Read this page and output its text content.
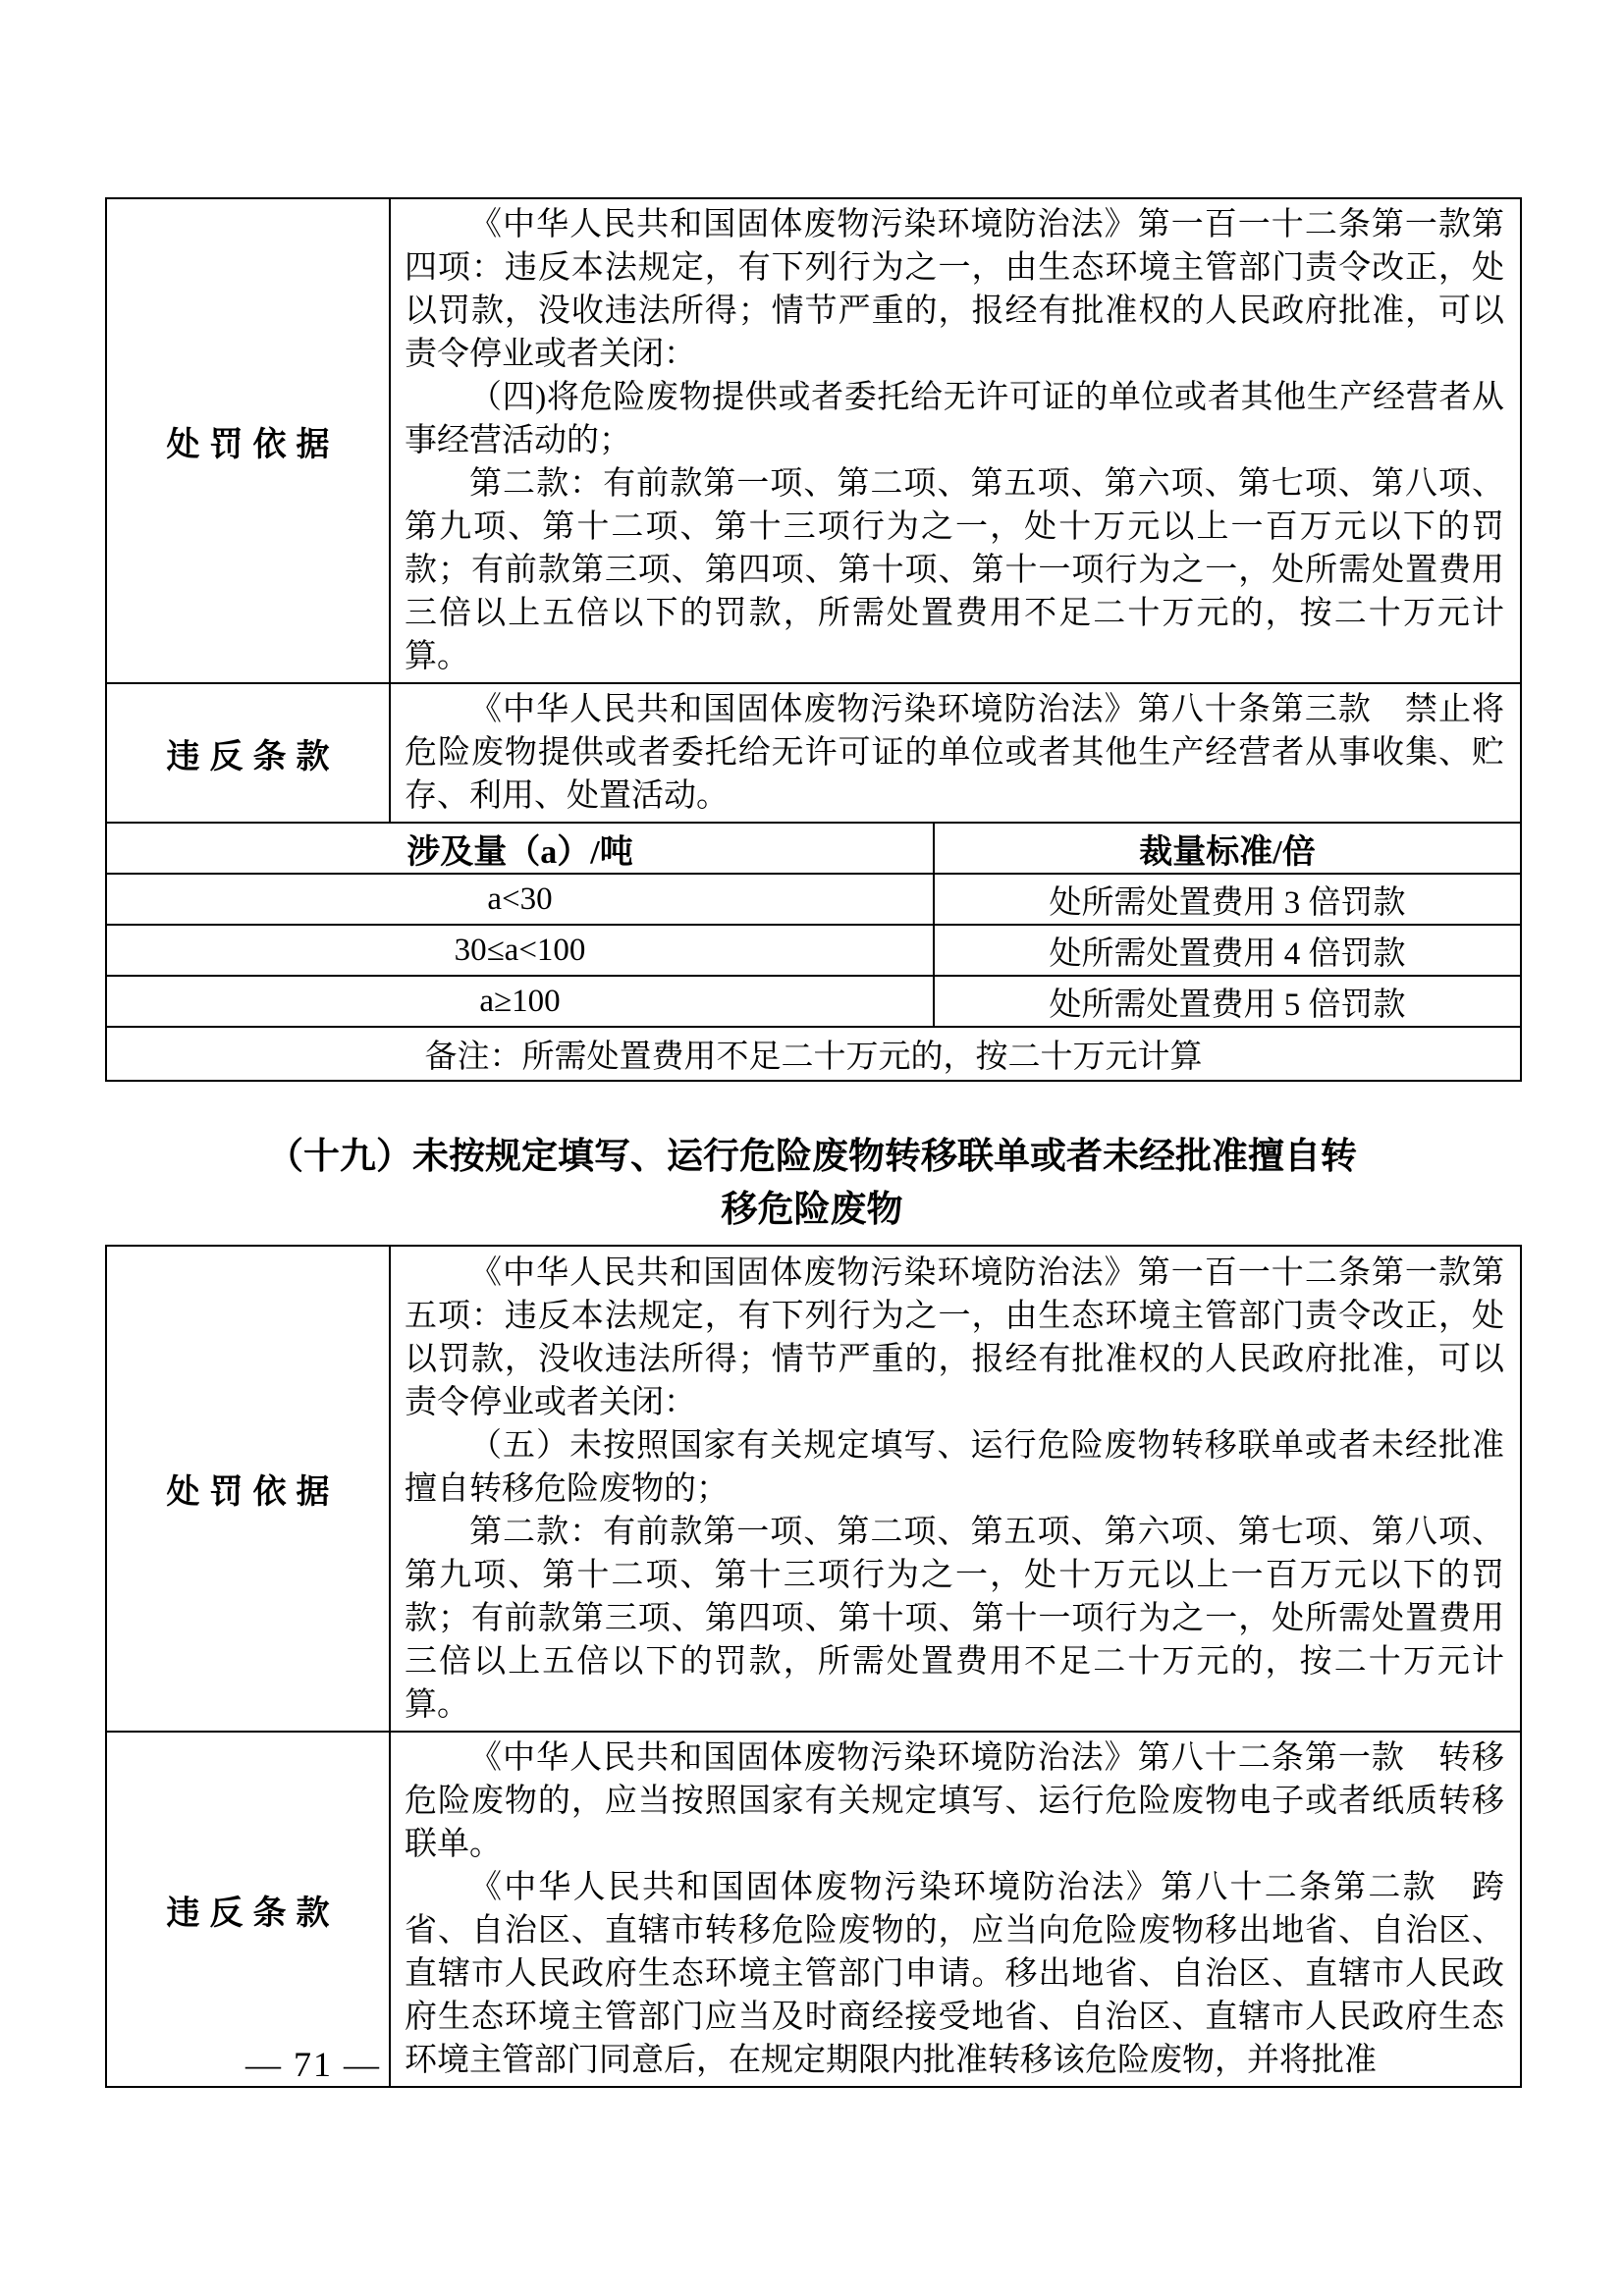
处罚依据	《中华人民共和国固体废物污染环境防治法》第一百一十二条第一款第四项：违反本法规定，有下列行为之一，由生态环境主管部门责令改正，处以罚款，没收违法所得；情节严重的，报经有批准权的人民政府批准，可以责令停业或者关闭：

（四)将危险废物提供或者委托给无许可证的单位或者其他生产经营者从事经营活动的；

第二款：有前款第一项、第二项、第五项、第六项、第七项、第八项、第九项、第十二项、第十三项行为之一，处十万元以上一百万元以下的罚款；有前款第三项、第四项、第十项、第十一项行为之一，处所需处置费用三倍以上五倍以下的罚款，所需处置费用不足二十万元的，按二十万元计算。	

违反条款	《中华人民共和国固体废物污染环境防治法》第八十条第三款　禁止将危险废物提供或者委托给无许可证的单位或者其他生产经营者从事收集、贮存、利用、处置活动。	

涉及量（a）/吨		裁量标准/倍
a<30		处所需处置费用 3 倍罚款
30≤a<100		处所需处置费用 4 倍罚款
a≥100		处所需处置费用 5 倍罚款
备注：所需处置费用不足二十万元的，按二十万元计算		
（十九）未按规定填写、运行危险废物转移联单或者未经批准擅自转
移危险废物
处罚依据	《中华人民共和国固体废物污染环境防治法》第一百一十二条第一款第五项：违反本法规定，有下列行为之一，由生态环境主管部门责令改正，处以罚款，没收违法所得；情节严重的，报经有批准权的人民政府批准，可以责令停业或者关闭：

（五）未按照国家有关规定填写、运行危险废物转移联单或者未经批准擅自转移危险废物的；

第二款：有前款第一项、第二项、第五项、第六项、第七项、第八项、第九项、第十二项、第十三项行为之一，处十万元以上一百万元以下的罚款；有前款第三项、第四项、第十项、第十一项行为之一，处所需处置费用三倍以上五倍以下的罚款，所需处置费用不足二十万元的，按二十万元计算。

违反条款	《中华人民共和国固体废物污染环境防治法》第八十二条第一款　转移危险废物的，应当按照国家有关规定填写、运行危险废物电子或者纸质转移联单。

《中华人民共和国固体废物污染环境防治法》第八十二条第二款　跨省、自治区、直辖市转移危险废物的，应当向危险废物移出地省、自治区、直辖市人民政府生态环境主管部门申请。移出地省、自治区、直辖市人民政府生态环境主管部门应当及时商经接受地省、自治区、直辖市人民政府生态环境主管部门同意后，在规定期限内批准转移该危险废物，并将批准

— 71 —
